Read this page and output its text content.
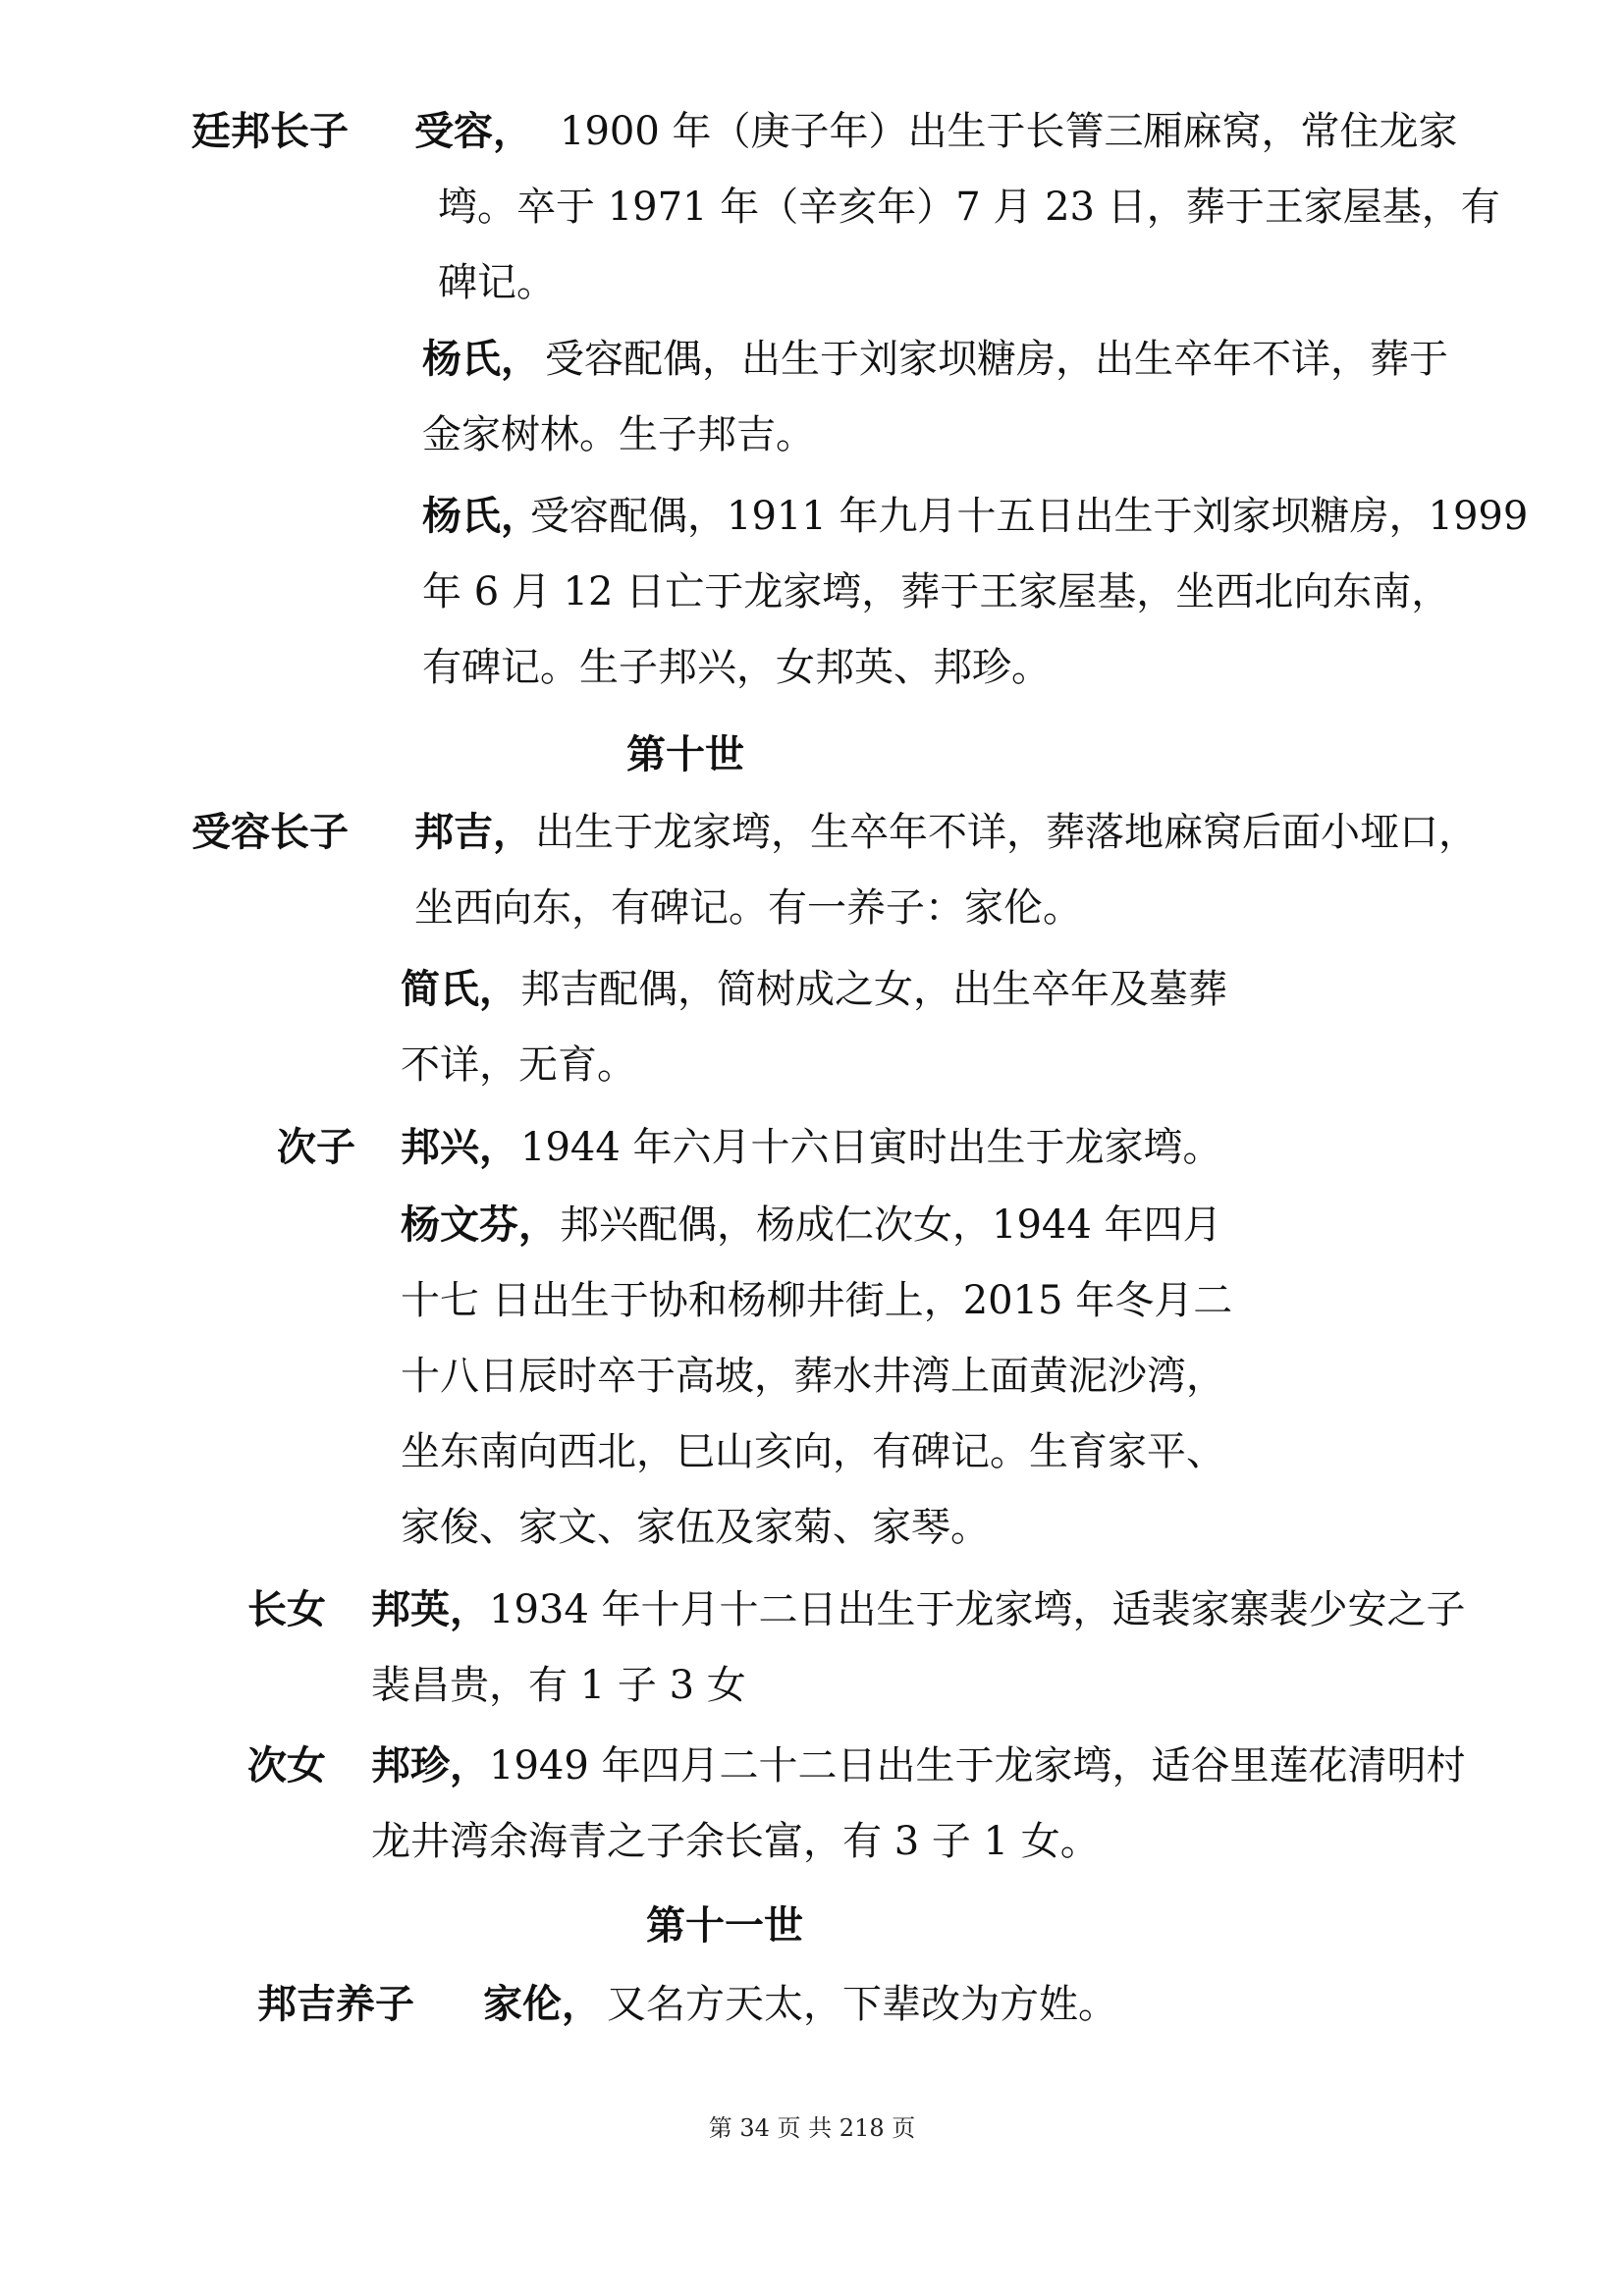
廷邦长子 受容， 1900 年（庚子年）出生于长箐三厢麻窝，常住龙家
塆。卒于 1971 年（辛亥年）7 月 23 日，葬于王家屋基，有
碑记。
杨氏， 受容配偶，出生于刘家坝糖房，出生卒年不详，葬于
金家树林。生子邦吉。
杨氏，
受容配偶，1911 年九月十五日出生于刘家坝糖房，1999
年 6 月 12 日亡于龙家塆，葬于王家屋基，坐西北向东南，
有碑记。生子邦兴，女邦英、邦珍。
第十世
受容长子 邦吉， 出生于龙家塆，生卒年不详，葬落地麻窝后面小垭口，
坐西向东，有碑记。有一养子：家伦。
简氏， 邦吉配偶，简树成之女，出生卒年及墓葬
不详，无育。
次子 邦兴， 1944 年六月十六日寅时出生于龙家塆。
杨文芬， 邦兴配偶，杨成仁次女，1944 年四月
十七 日出生于协和杨柳井街上，2015 年冬月二
十八日辰时卒于高坡，葬水井湾上面黄泥沙湾，
坐东南向西北，巳山亥向，有碑记。生育家平、
家俊、家文、家伍及家菊、家琴。
长女 邦英， 1934 年十月十二日出生于龙家塆，适裴家寨裴少安之子
裴昌贵，有 1 子 3 女
次女 邦珍， 1949 年四月二十二日出生于龙家塆，适谷里莲花清明村
龙井湾余海青之子余长富，有 3 子 1 女。
第十一世
邦吉养子 家伦， 又名方天太，下辈改为方姓。
第 34 页 共 218 页
